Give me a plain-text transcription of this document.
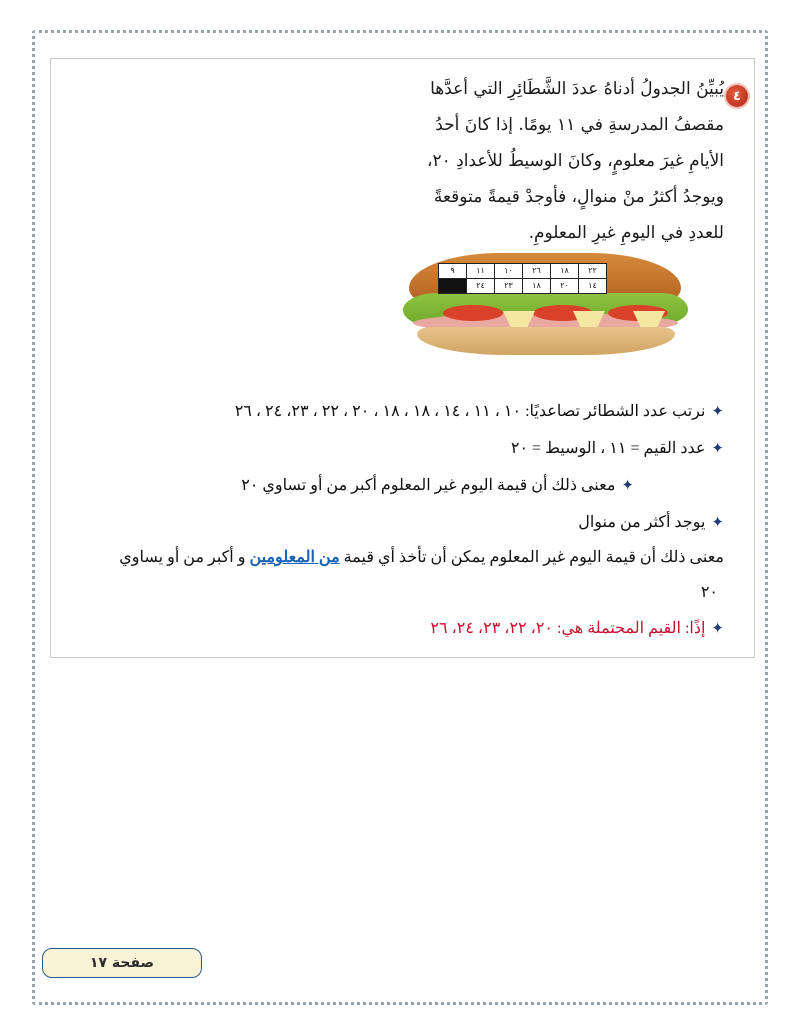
٤

يُبيِّنُ الجدولُ أدناهُ عددَ الشَّطَائِرِ التي أعدَّها
مقصفُ المدرسةِ في ١١ يومًا. إذا كانَ أحدُ
الأيامِ غيرَ معلومٍ، وكانَ الوسيطُ للأعدادِ ٢٠،
ويوجدُ أكثرُ منْ منوالٍ، فأوجدْ قيمةً متوقعةً
للعددِ في اليومِ غيرِ المعلومِ.

٢٢	١٨	٢٦	١٠	١١	٩
١٤	٢٠	١٨	٢٣	٢٤	
✦نرتب عدد الشطائر تصاعديًا: ١٠ ، ١١ ، ١٤ ، ١٨ ، ١٨ ، ٢٠ ، ٢٢ ، ٢٣، ٢٤ ، ٢٦
✦عدد القيم = ١١ ، الوسيط = ٢٠
✦معنى ذلك أن قيمة اليوم غير المعلوم أكبر من أو تساوي ٢٠
✦يوجد أكثر من منوال
معنى ذلك أن قيمة اليوم غير المعلوم يمكن أن تأخذ أي قيمة من المعلومين و أكبر من أو يساوي
٢٠
✦إذًا: القيم المحتملة هي: ٢٠، ٢٢، ٢٣، ٢٤، ٢٦
صفحة ١٧
